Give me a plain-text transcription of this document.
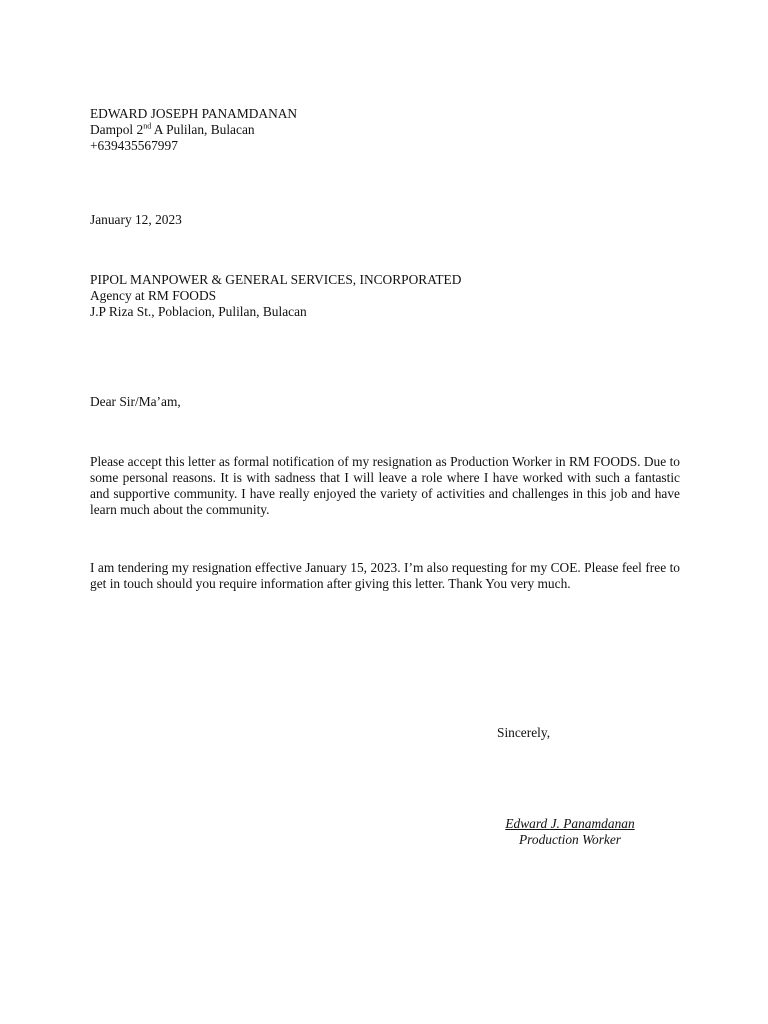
EDWARD JOSEPH PANAMDANAN
Dampol 2nd A Pulilan, Bulacan
+639435567997
January 12, 2023
PIPOL MANPOWER & GENERAL SERVICES, INCORPORATED
Agency at RM FOODS
J.P Riza St., Poblacion, Pulilan, Bulacan
Dear Sir/Ma’am,
Please accept this letter as formal notification of my resignation as Production Worker in RM FOODS. Due to some personal reasons. It is with sadness that I will leave a role where I have worked with such a fantastic and supportive community. I have really enjoyed the variety of activities and challenges in this job and have learn much about the community.
I am tendering my resignation effective January 15, 2023. I’m also requesting for my COE. Please feel free to get in touch should you require information after giving this letter. Thank You very much.
Sincerely,
Edward J. Panamdanan
Production Worker
